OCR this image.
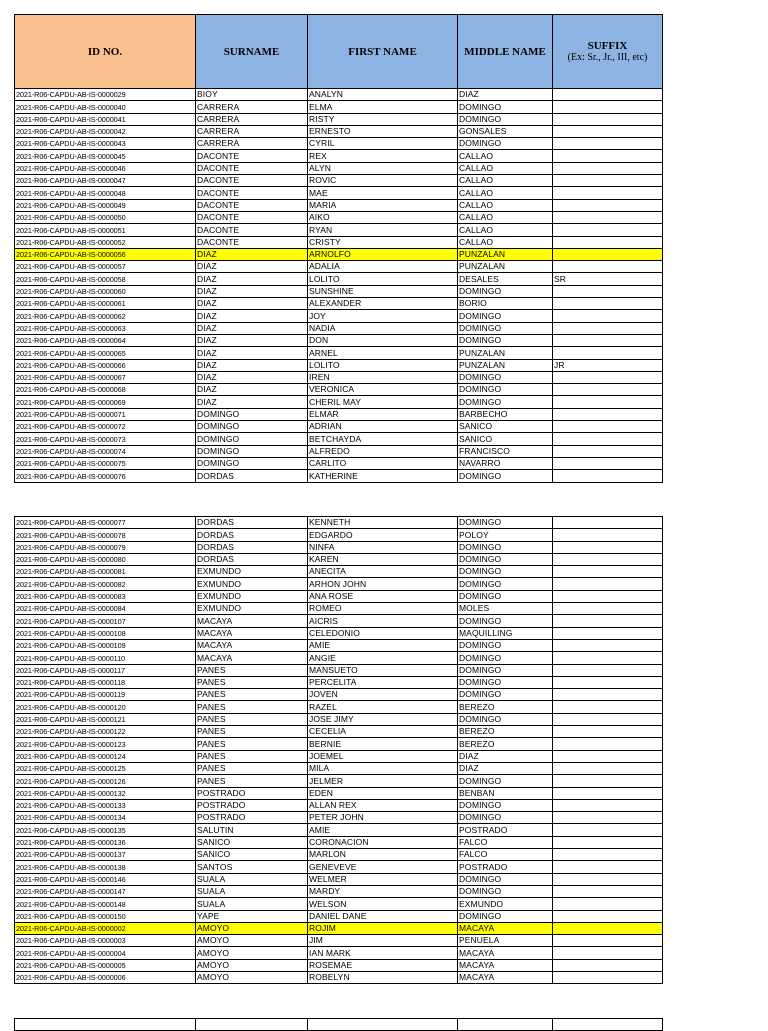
ID NO.	SURNAME	FIRST NAME	MIDDLE NAME	SUFFIX
(Ex: Sr., Jr., III, etc)

2021-R06-CAPDU-AB-IS-0000029	BIOY	ANALYN	DIAZ	
2021-R06-CAPDU-AB-IS-0000040	CARRERA	ELMA	DOMINGO	
2021-R06-CAPDU-AB-IS-0000041	CARRERA	RISTY	DOMINGO	
2021-R06-CAPDU-AB-IS-0000042	CARRERA	ERNESTO	GONSALES	
2021-R06-CAPDU-AB-IS-0000043	CARRERA	CYRIL	DOMINGO	
2021-R06-CAPDU-AB-IS-0000045	DACONTE	REX	CALLAO	
2021-R06-CAPDU-AB-IS-0000046	DACONTE	ALYN	CALLAO	
2021-R06-CAPDU-AB-IS-0000047	DACONTE	ROVIC	CALLAO	
2021-R06-CAPDU-AB-IS-0000048	DACONTE	MAE	CALLAO	
2021-R06-CAPDU-AB-IS-0000049	DACONTE	MARIA	CALLAO	
2021-R06-CAPDU-AB-IS-0000050	DACONTE	AIKO	CALLAO	
2021-R06-CAPDU-AB-IS-0000051	DACONTE	RYAN	CALLAO	
2021-R06-CAPDU-AB-IS-0000052	DACONTE	CRISTY	CALLAO	
2021-R06-CAPDU-AB-IS-0000056	DIAZ	ARNOLFO	PUNZALAN	
2021-R06-CAPDU-AB-IS-0000057	DIAZ	ADALIA	PUNZALAN	
2021-R06-CAPDU-AB-IS-0000058	DIAZ	LOLITO	DESALES	SR
2021-R06-CAPDU-AB-IS-0000060	DIAZ	SUNSHINE	DOMINGO	
2021-R06-CAPDU-AB-IS-0000061	DIAZ	ALEXANDER	BORIO	
2021-R06-CAPDU-AB-IS-0000062	DIAZ	JOY	DOMINGO	
2021-R06-CAPDU-AB-IS-0000063	DIAZ	NADIA	DOMINGO	
2021-R06-CAPDU-AB-IS-0000064	DIAZ	DON	DOMINGO	
2021-R06-CAPDU-AB-IS-0000065	DIAZ	ARNEL	PUNZALAN	
2021-R06-CAPDU-AB-IS-0000066	DIAZ	LOLITO	PUNZALAN	JR
2021-R06-CAPDU-AB-IS-0000067	DIAZ	IREN	DOMINGO	
2021-R06-CAPDU-AB-IS-0000068	DIAZ	VERONICA	DOMINGO	
2021-R06-CAPDU-AB-IS-0000069	DIAZ	CHERIL MAY	DOMINGO	
2021-R06-CAPDU-AB-IS-0000071	DOMINGO	ELMAR	BARBECHO	
2021-R06-CAPDU-AB-IS-0000072	DOMINGO	ADRIAN	SANICO	
2021-R06-CAPDU-AB-IS-0000073	DOMINGO	BETCHAYDA	SANICO	
2021-R06-CAPDU-AB-IS-0000074	DOMINGO	ALFREDO	FRANCISCO	
2021-R06-CAPDU-AB-IS-0000075	DOMINGO	CARLITO	NAVARRO	
2021-R06-CAPDU-AB-IS-0000076	DORDAS	KATHERINE	DOMINGO	
2021-R06-CAPDU-AB-IS-0000077	DORDAS	KENNETH	DOMINGO	
2021-R06-CAPDU-AB-IS-0000078	DORDAS	EDGARDO	POLOY	
2021-R06-CAPDU-AB-IS-0000079	DORDAS	NINFA	DOMINGO	
2021-R06-CAPDU-AB-IS-0000080	DORDAS	KAREN	DOMINGO	
2021-R06-CAPDU-AB-IS-0000081	EXMUNDO	ANECITA	DOMINGO	
2021-R06-CAPDU-AB-IS-0000082	EXMUNDO	ARHON JOHN	DOMINGO	
2021-R06-CAPDU-AB-IS-0000083	EXMUNDO	ANA ROSE	DOMINGO	
2021-R06-CAPDU-AB-IS-0000084	EXMUNDO	ROMEO	MOLES	
2021-R06-CAPDU-AB-IS-0000107	MACAYA	AICRIS	DOMINGO	
2021-R06-CAPDU-AB-IS-0000108	MACAYA	CELEDONIO	MAQUILLING	
2021-R06-CAPDU-AB-IS-0000109	MACAYA	AMIE	DOMINGO	
2021-R06-CAPDU-AB-IS-0000110	MACAYA	ANGIE	DOMINGO	
2021-R06-CAPDU-AB-IS-0000117	PANES	MANSUETO	DOMINGO	
2021-R06-CAPDU-AB-IS-0000118	PANES	PERCELITA	DOMINGO	
2021-R06-CAPDU-AB-IS-0000119	PANES	JOVEN	DOMINGO	
2021-R06-CAPDU-AB-IS-0000120	PANES	RAZEL	BEREZO	
2021-R06-CAPDU-AB-IS-0000121	PANES	JOSE JIMY	DOMINGO	
2021-R06-CAPDU-AB-IS-0000122	PANES	CECELIA	BEREZO	
2021-R06-CAPDU-AB-IS-0000123	PANES	BERNIE	BEREZO	
2021-R06-CAPDU-AB-IS-0000124	PANES	JOEMEL	DIAZ	
2021-R06-CAPDU-AB-IS-0000125	PANES	MILA	DIAZ	
2021-R06-CAPDU-AB-IS-0000126	PANES	JELMER	DOMINGO	
2021-R06-CAPDU-AB-IS-0000132	POSTRADO	EDEN	BENBAN	
2021-R06-CAPDU-AB-IS-0000133	POSTRADO	ALLAN REX	DOMINGO	
2021-R06-CAPDU-AB-IS-0000134	POSTRADO	PETER JOHN	DOMINGO	
2021-R06-CAPDU-AB-IS-0000135	SALUTIN	AMIE	POSTRADO	
2021-R06-CAPDU-AB-IS-0000136	SANICO	CORONACION	FALCO	
2021-R06-CAPDU-AB-IS-0000137	SANICO	MARLON	FALCO	
2021-R06-CAPDU-AB-IS-0000138	SANTOS	GENEVEVE	POSTRADO	
2021-R06-CAPDU-AB-IS-0000146	SUALA	WELMER	DOMINGO	
2021-R06-CAPDU-AB-IS-0000147	SUALA	MARDY	DOMINGO	
2021-R06-CAPDU-AB-IS-0000148	SUALA	WELSON	EXMUNDO	
2021-R06-CAPDU-AB-IS-0000150	YAPE	DANIEL DANE	DOMINGO	
2021-R06-CAPDU-AB-IS-0000002	AMOYO	ROJIM	MACAYA	
2021-R06-CAPDU-AB-IS-0000003	AMOYO	JIM	PENUELA	
2021-R06-CAPDU-AB-IS-0000004	AMOYO	IAN MARK	MACAYA	
2021-R06-CAPDU-AB-IS-0000005	AMOYO	ROSEMAE	MACAYA	
2021-R06-CAPDU-AB-IS-0000006	AMOYO	ROBELYN	MACAYA	
